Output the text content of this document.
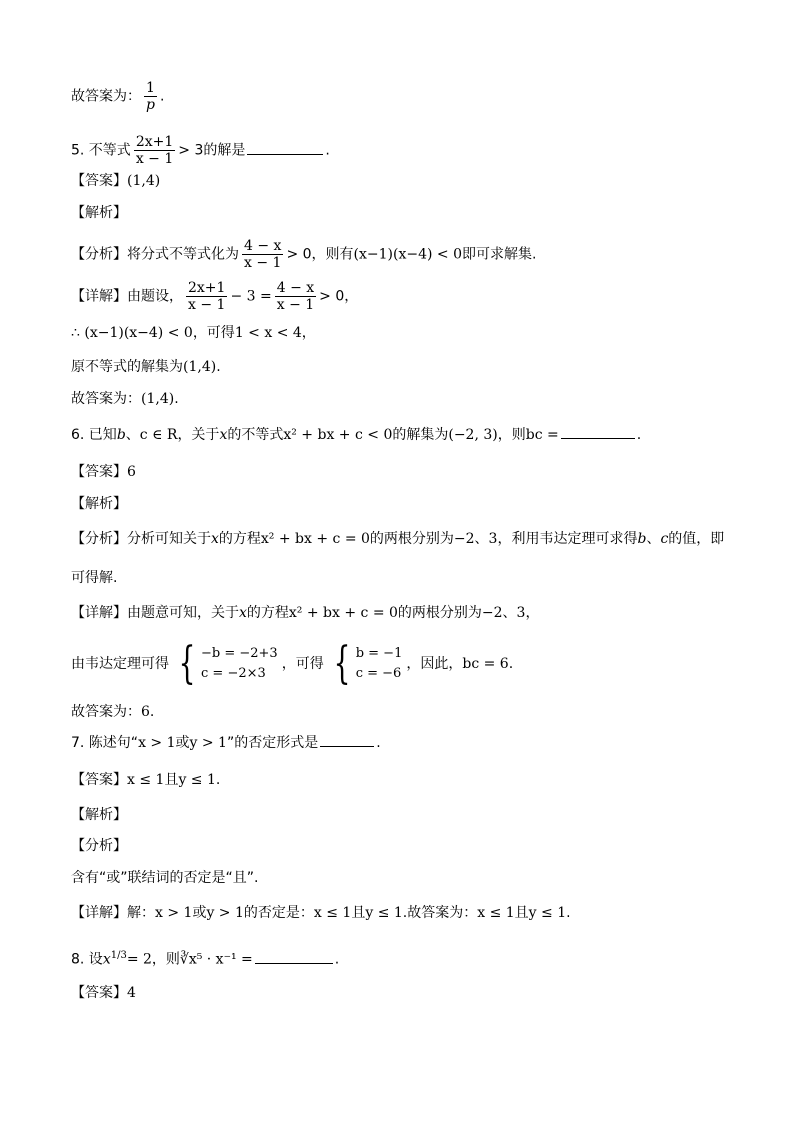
故答案为： $\frac{1}{p}$ .
5. 不等式 $\frac{2x+1}{x - 1} > 3$的解是	.
【答案】(1,4)
【解析】
【分析】将分式不等式化为 $\frac{4 - x}{x - 1} > 0$，则有(x−1)(x−4) < 0即可求解集.
【详解】由题设， $\frac{2x+1}{x - 1} - 3 = \frac{4 - x}{x - 1} > 0$，
∴ (x−1)(x−4) < 0，可得1 < x < 4，
原不等式的解集为(1,4).
故答案为：(1,4).
6. 已知b、c ∈ R，关于x的不等式x² + bx + c < 0的解集为(−2, 3)，则bc =	.
【答案】6
【解析】
【分析】分析可知关于x的方程x² + bx + c = 0的两根分别为−2、3，利用韦达定理可求得b、c的值，即
可得解.
【详解】由题意可知，关于x的方程x² + bx + c = 0的两根分别为−2、3，
由韦达定理可得 { −b = −2+3
c = −2×3
，可得 { b = −1
c = −6
，因此，bc = 6.
故答案为：6.
7. 陈述句“x > 1或y > 1”的否定形式是	.
【答案】x ≤ 1且y ≤ 1.
【解析】
【分析】
含有“或”联结词的否定是“且”.
【详解】解：x > 1或y > 1的否定是：x ≤ 1且y ≤ 1.故答案为：x ≤ 1且y ≤ 1.
8. 设$x^{1/3}= 2$，则∛x⁵ · x⁻¹ =	.
【答案】4
